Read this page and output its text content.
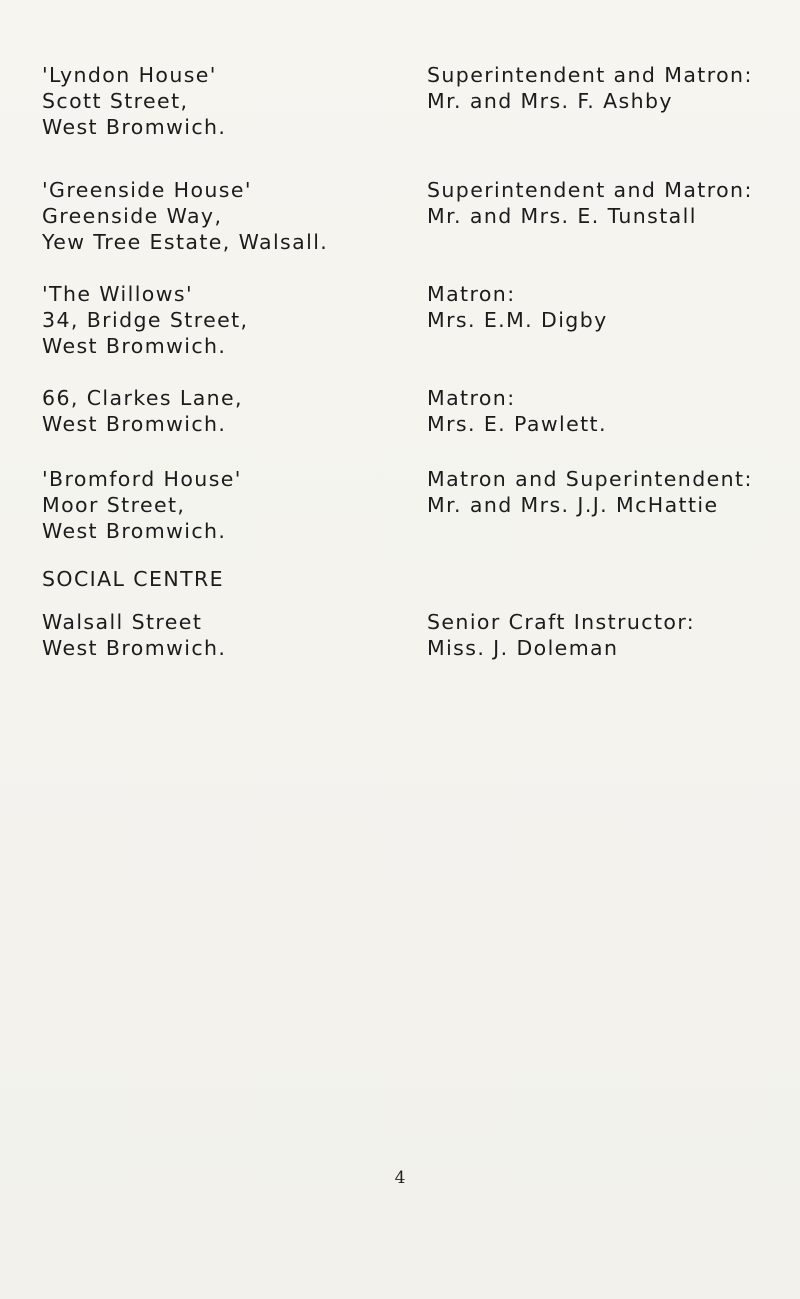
'Lyndon House'
Scott Street,
West Bromwich.
Superintendent and Matron:
Mr. and Mrs. F. Ashby
'Greenside House'
Greenside Way,
Yew Tree Estate, Walsall.
Superintendent and Matron:
Mr. and Mrs. E. Tunstall
'The Willows'
34, Bridge Street,
West Bromwich.
Matron:
Mrs. E.M. Digby
66, Clarkes Lane,
West Bromwich.
Matron:
Mrs. E. Pawlett.
'Bromford House'
Moor Street,
West Bromwich.
Matron and Superintendent:
Mr. and Mrs. J.J. McHattie
SOCIAL CENTRE
Walsall Street
West Bromwich.
Senior Craft Instructor:
Miss. J. Doleman
4
